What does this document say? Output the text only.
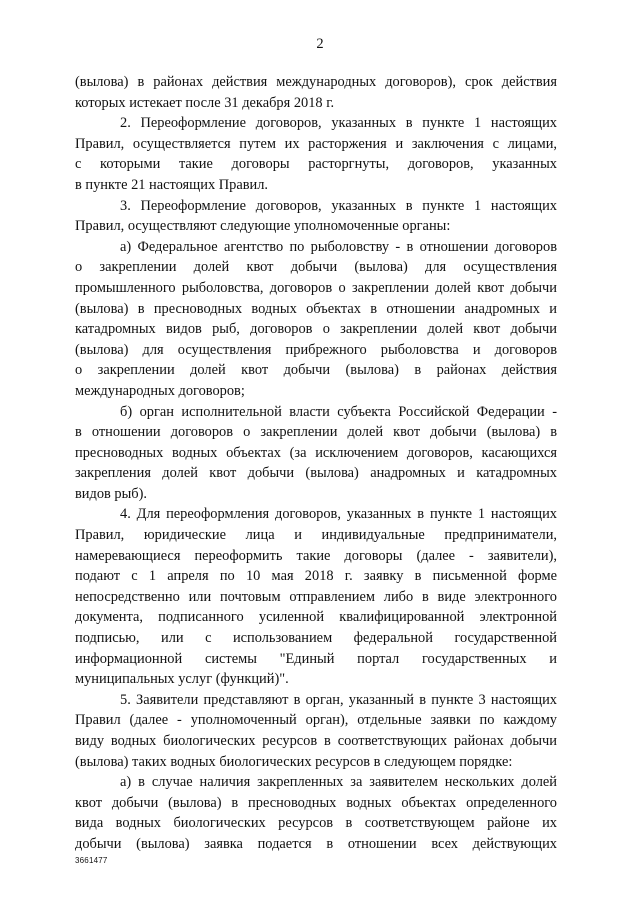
2
(вылова) в районах действия международных договоров), срок действия
которых истекает после 31 декабря 2018 г.
2. Переоформление договоров, указанных в пункте 1 настоящих
Правил, осуществляется путем их расторжения и заключения с лицами,
с которыми такие договоры расторгнуты, договоров, указанных
в пункте 21 настоящих Правил.
3. Переоформление договоров, указанных в пункте 1 настоящих
Правил, осуществляют следующие уполномоченные органы:
а) Федеральное агентство по рыболовству - в отношении договоров
о закреплении долей квот добычи (вылова) для осуществления
промышленного рыболовства, договоров о закреплении долей квот добычи
(вылова) в пресноводных водных объектах в отношении анадромных и
катадромных видов рыб, договоров о закреплении долей квот добычи
(вылова) для осуществления прибрежного рыболовства и договоров
о закреплении долей квот добычи (вылова) в районах действия
международных договоров;
б) орган исполнительной власти субъекта Российской Федерации -
в отношении договоров о закреплении долей квот добычи (вылова) в
пресноводных водных объектах (за исключением договоров, касающихся
закрепления долей квот добычи (вылова) анадромных и катадромных
видов рыб).
4. Для переоформления договоров, указанных в пункте 1 настоящих
Правил, юридические лица и индивидуальные предприниматели,
намеревающиеся переоформить такие договоры (далее - заявители),
подают с 1 апреля по 10 мая 2018 г. заявку в письменной форме
непосредственно или почтовым отправлением либо в виде электронного
документа, подписанного усиленной квалифицированной электронной
подписью, или с использованием федеральной государственной
информационной системы "Единый портал государственных и
муниципальных услуг (функций)".
5. Заявители представляют в орган, указанный в пункте 3 настоящих
Правил (далее - уполномоченный орган), отдельные заявки по каждому
виду водных биологических ресурсов в соответствующих районах добычи
(вылова) таких водных биологических ресурсов в следующем порядке:
а) в случае наличия закрепленных за заявителем нескольких долей
квот добычи (вылова) в пресноводных водных объектах определенного
вида водных биологических ресурсов в соответствующем районе их
добычи (вылова) заявка подается в отношении всех действующих
3661477
